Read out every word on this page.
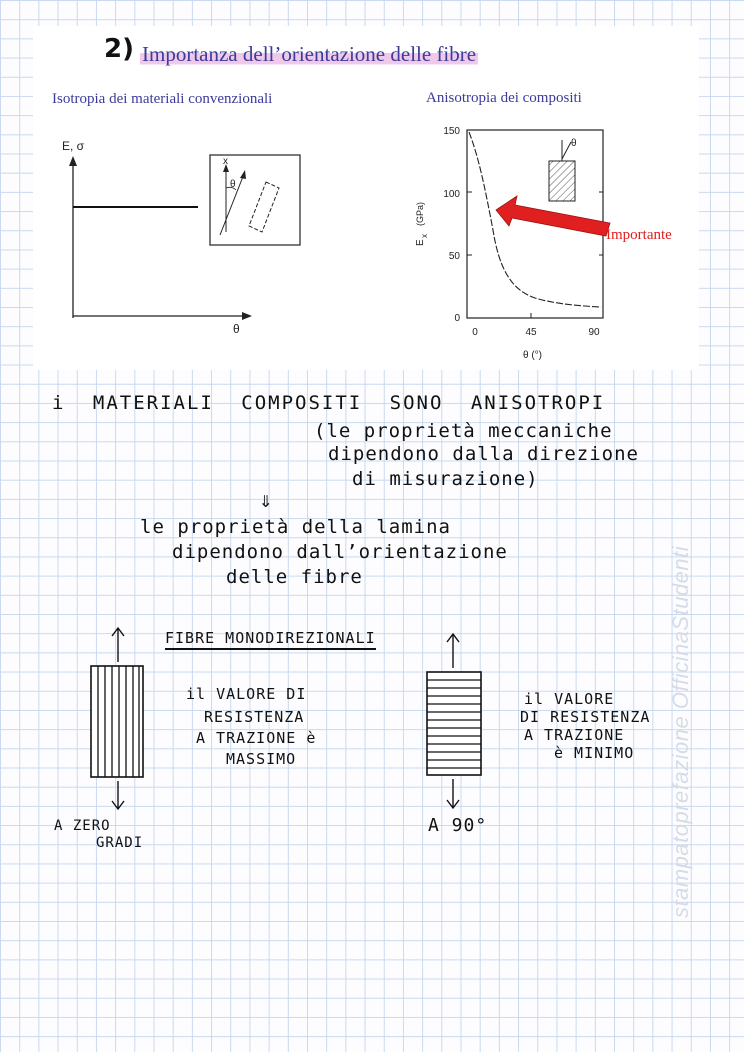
2) Importanza dell’orientazione delle fibre
Isotropia dei materiali convenzionali	Anisotropia dei compositi
E, σ
θ
x
θ
150
100
50
0
0	45	90
θ (°)
E
x
(GPa)
θ
Importante
i MATERIALI COMPOSITI SONO ANISOTROPI
(le proprietà meccaniche
dipendono dalla direzione
di misurazione)
⇓
le proprietà della lamina
dipendono dall’orientazione
delle fibre
FIBRE MONODIREZIONALI
il VALORE DI
RESISTENZA
A TRAZIONE è
MASSIMO
A ZERO
GRADI
il VALORE
DI RESISTENZA
A TRAZIONE
è MINIMO
A 90°	stampatoprefazione OfficinaStudenti
